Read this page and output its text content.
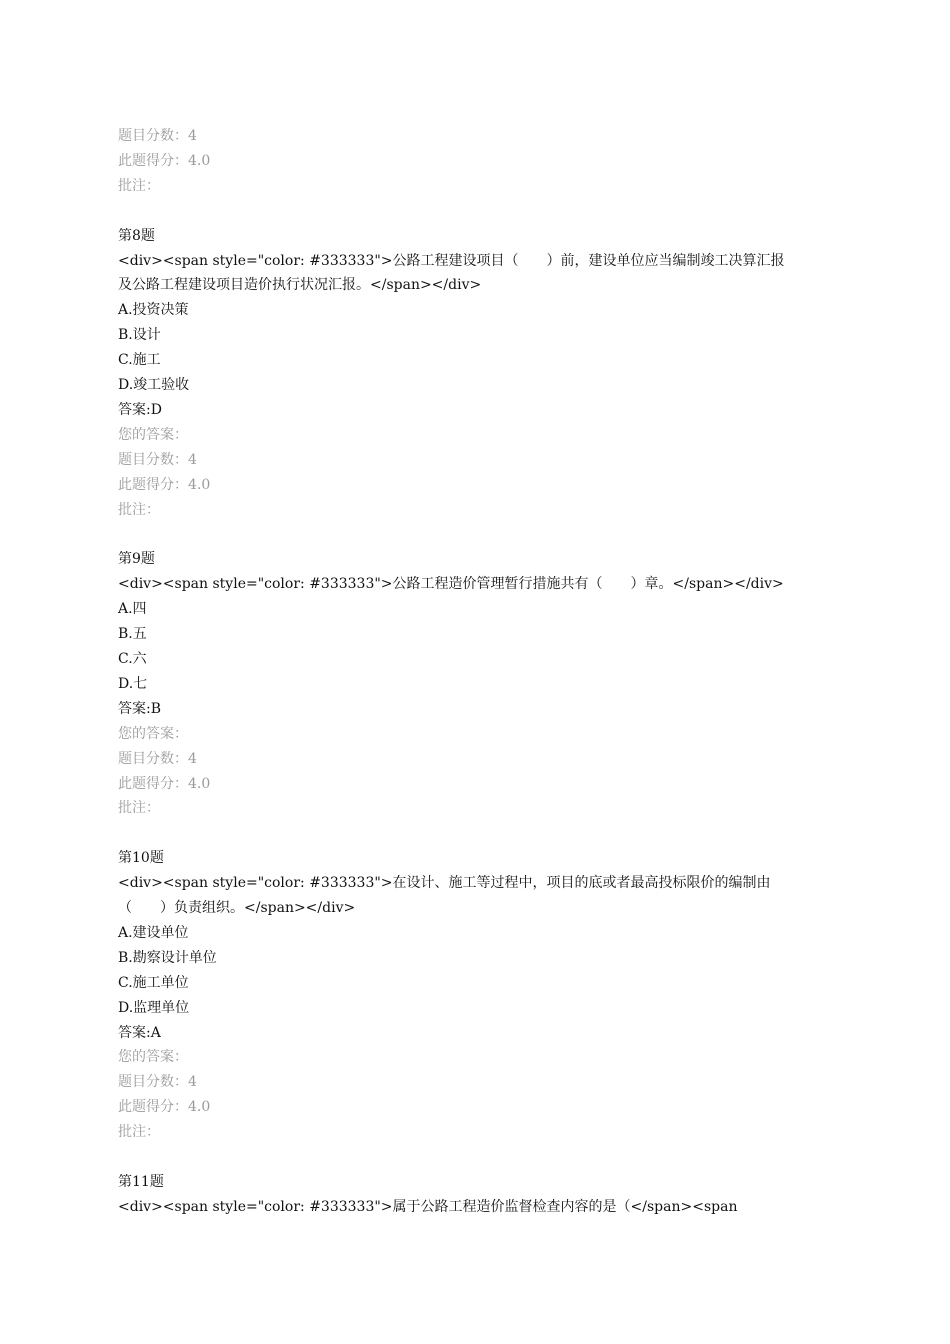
题目分数：4
此题得分：4.0
批注：
第8题
<div><span style="color: #333333">公路工程建设项目（　　）前，建设单位应当编制竣工决算汇报
及公路工程建设项目造价执行状况汇报。</span></div>
A.投资决策
B.设计
C.施工
D.竣工验收
答案:D
您的答案：
题目分数：4
此题得分：4.0
批注：
第9题
<div><span style="color: #333333">公路工程造价管理暂行措施共有（　　）章。</span></div>
A.四
B.五
C.六
D.七
答案:B
您的答案：
题目分数：4
此题得分：4.0
批注：
第10题
<div><span style="color: #333333">在设计、施工等过程中，项目的底或者最高投标限价的编制由
（　　）负责组织。</span></div>
A.建设单位
B.勘察设计单位
C.施工单位
D.监理单位
答案:A
您的答案：
题目分数：4
此题得分：4.0
批注：
第11题
<div><span style="color: #333333">属于公路工程造价监督检查内容的是（</span><span
